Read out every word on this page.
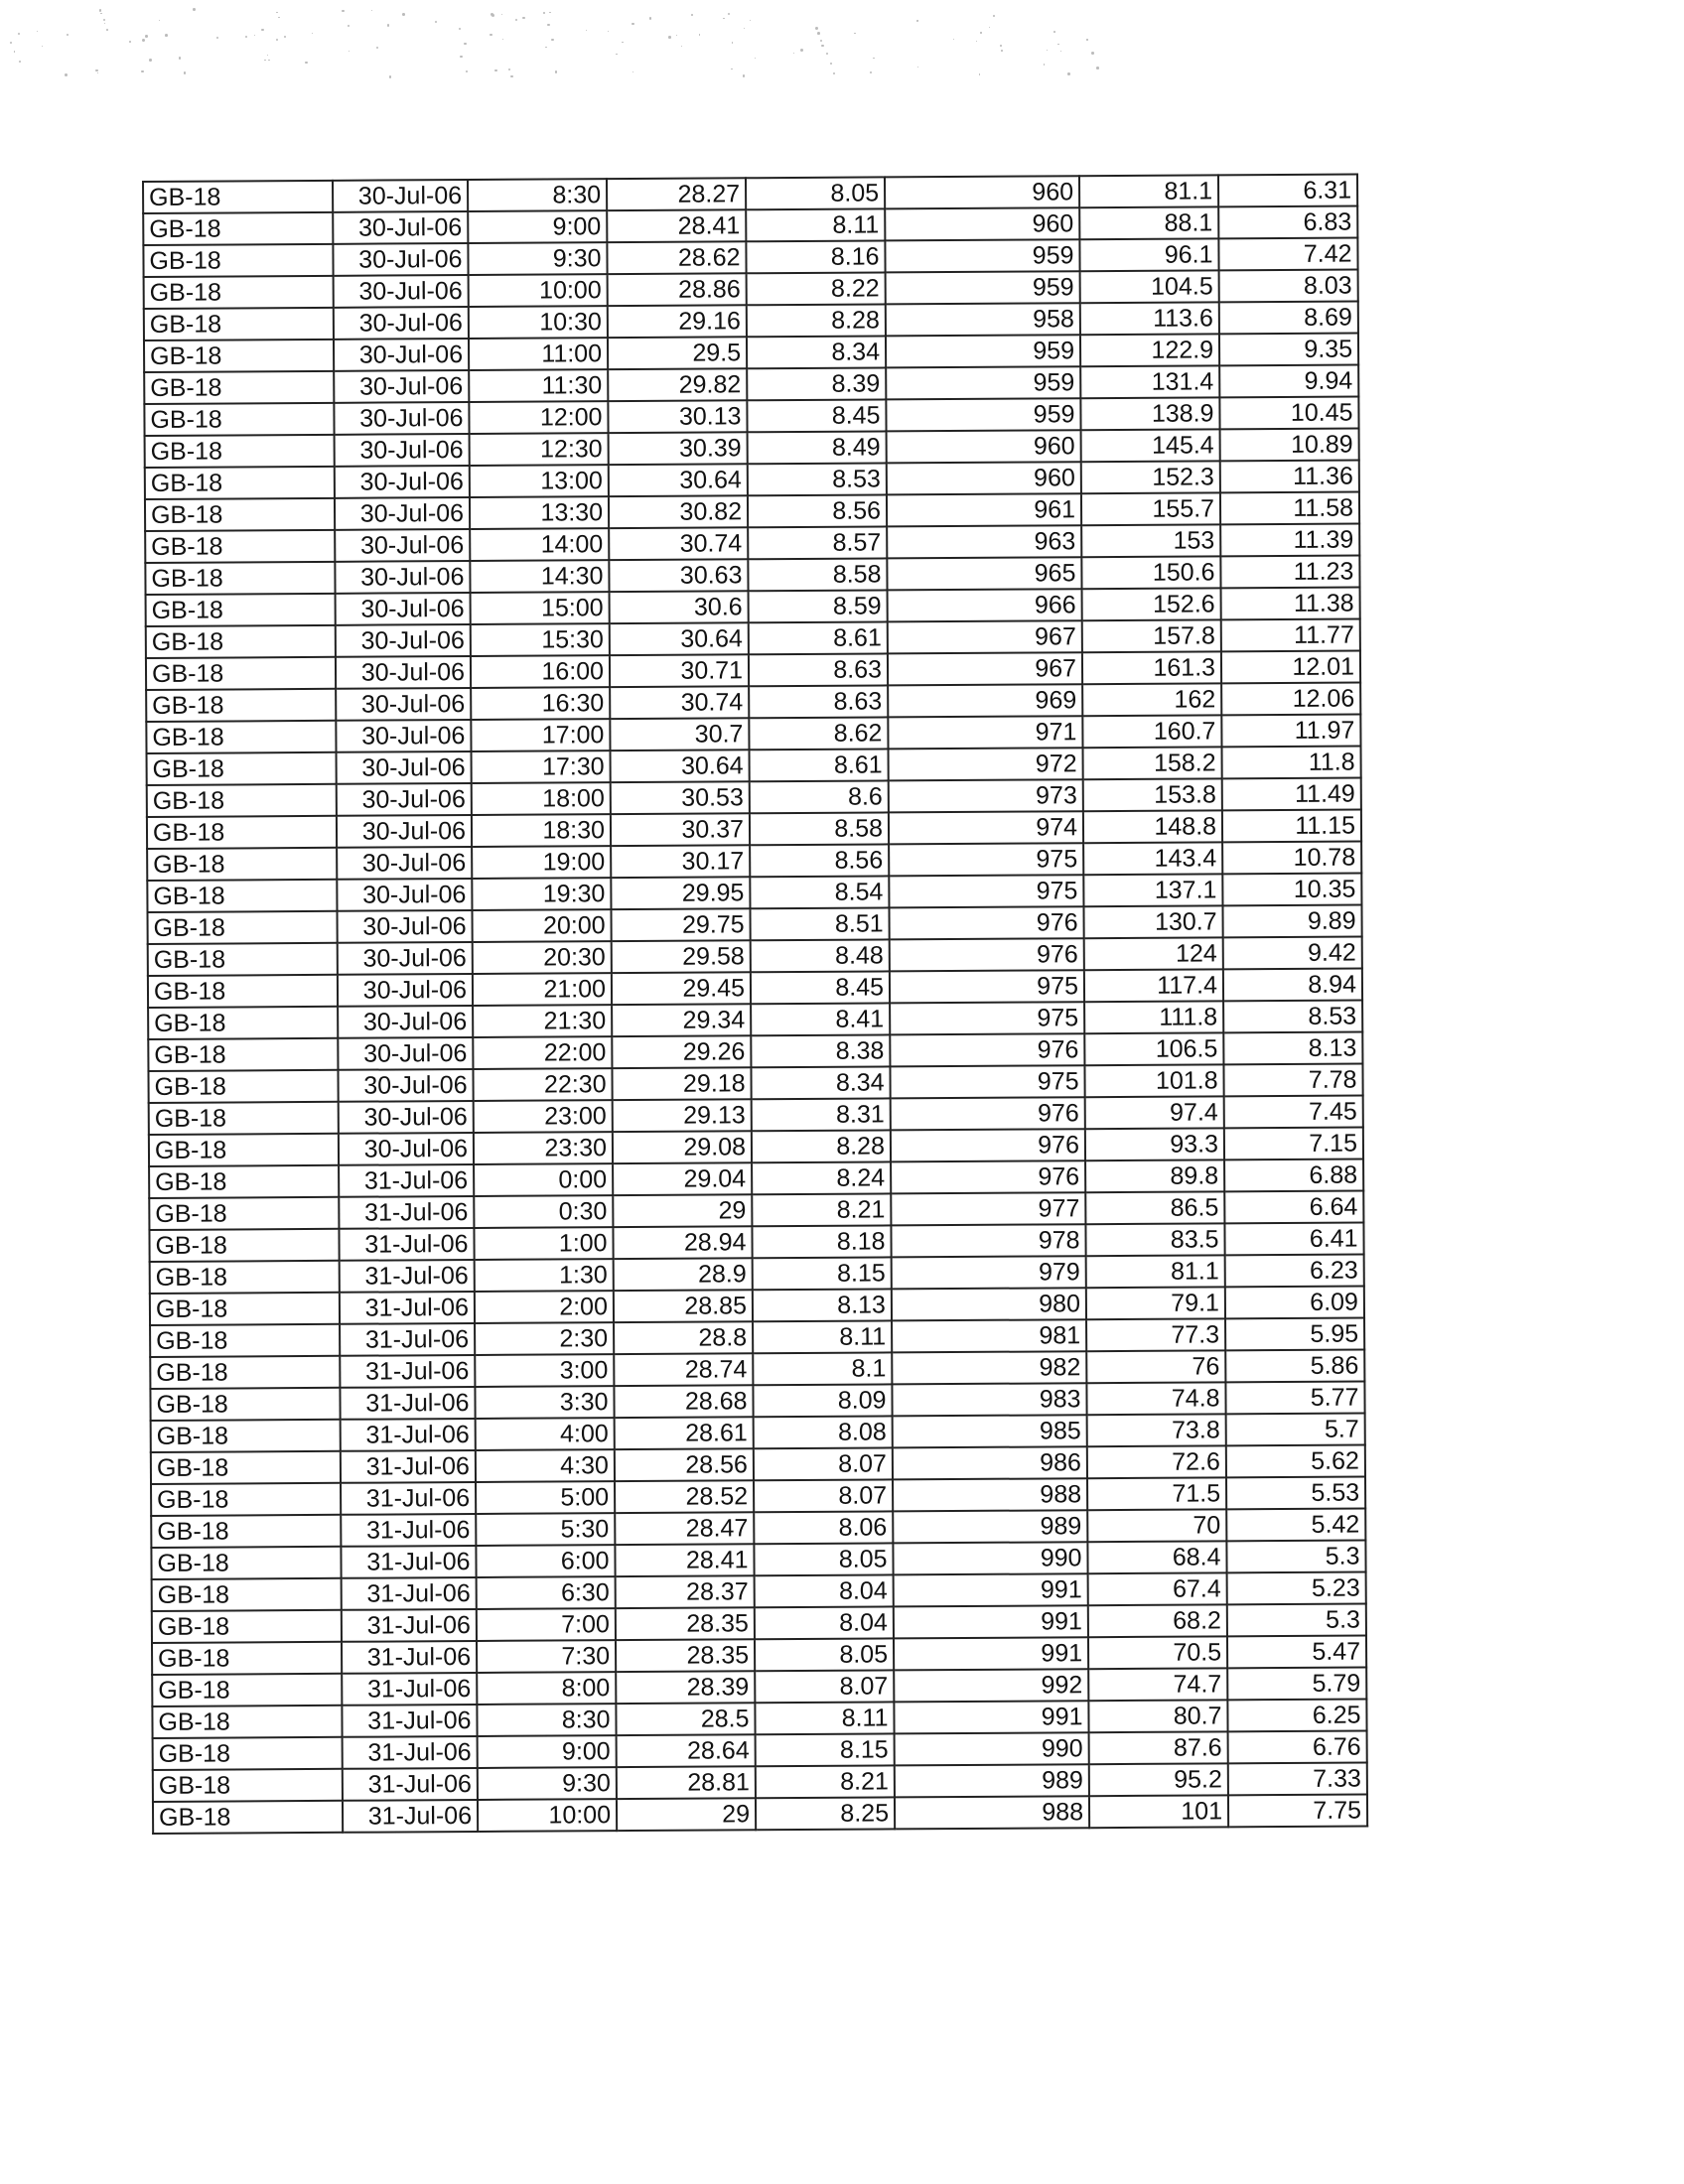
GB-18	30-Jul-06	8:30	28.27	8.05	960	81.1	6.31
GB-18	30-Jul-06	9:00	28.41	8.11	960	88.1	6.83
GB-18	30-Jul-06	9:30	28.62	8.16	959	96.1	7.42
GB-18	30-Jul-06	10:00	28.86	8.22	959	104.5	8.03
GB-18	30-Jul-06	10:30	29.16	8.28	958	113.6	8.69
GB-18	30-Jul-06	11:00	29.5	8.34	959	122.9	9.35
GB-18	30-Jul-06	11:30	29.82	8.39	959	131.4	9.94
GB-18	30-Jul-06	12:00	30.13	8.45	959	138.9	10.45
GB-18	30-Jul-06	12:30	30.39	8.49	960	145.4	10.89
GB-18	30-Jul-06	13:00	30.64	8.53	960	152.3	11.36
GB-18	30-Jul-06	13:30	30.82	8.56	961	155.7	11.58
GB-18	30-Jul-06	14:00	30.74	8.57	963	153	11.39
GB-18	30-Jul-06	14:30	30.63	8.58	965	150.6	11.23
GB-18	30-Jul-06	15:00	30.6	8.59	966	152.6	11.38
GB-18	30-Jul-06	15:30	30.64	8.61	967	157.8	11.77
GB-18	30-Jul-06	16:00	30.71	8.63	967	161.3	12.01
GB-18	30-Jul-06	16:30	30.74	8.63	969	162	12.06
GB-18	30-Jul-06	17:00	30.7	8.62	971	160.7	11.97
GB-18	30-Jul-06	17:30	30.64	8.61	972	158.2	11.8
GB-18	30-Jul-06	18:00	30.53	8.6	973	153.8	11.49
GB-18	30-Jul-06	18:30	30.37	8.58	974	148.8	11.15
GB-18	30-Jul-06	19:00	30.17	8.56	975	143.4	10.78
GB-18	30-Jul-06	19:30	29.95	8.54	975	137.1	10.35
GB-18	30-Jul-06	20:00	29.75	8.51	976	130.7	9.89
GB-18	30-Jul-06	20:30	29.58	8.48	976	124	9.42
GB-18	30-Jul-06	21:00	29.45	8.45	975	117.4	8.94
GB-18	30-Jul-06	21:30	29.34	8.41	975	111.8	8.53
GB-18	30-Jul-06	22:00	29.26	8.38	976	106.5	8.13
GB-18	30-Jul-06	22:30	29.18	8.34	975	101.8	7.78
GB-18	30-Jul-06	23:00	29.13	8.31	976	97.4	7.45
GB-18	30-Jul-06	23:30	29.08	8.28	976	93.3	7.15
GB-18	31-Jul-06	0:00	29.04	8.24	976	89.8	6.88
GB-18	31-Jul-06	0:30	29	8.21	977	86.5	6.64
GB-18	31-Jul-06	1:00	28.94	8.18	978	83.5	6.41
GB-18	31-Jul-06	1:30	28.9	8.15	979	81.1	6.23
GB-18	31-Jul-06	2:00	28.85	8.13	980	79.1	6.09
GB-18	31-Jul-06	2:30	28.8	8.11	981	77.3	5.95
GB-18	31-Jul-06	3:00	28.74	8.1	982	76	5.86
GB-18	31-Jul-06	3:30	28.68	8.09	983	74.8	5.77
GB-18	31-Jul-06	4:00	28.61	8.08	985	73.8	5.7
GB-18	31-Jul-06	4:30	28.56	8.07	986	72.6	5.62
GB-18	31-Jul-06	5:00	28.52	8.07	988	71.5	5.53
GB-18	31-Jul-06	5:30	28.47	8.06	989	70	5.42
GB-18	31-Jul-06	6:00	28.41	8.05	990	68.4	5.3
GB-18	31-Jul-06	6:30	28.37	8.04	991	67.4	5.23
GB-18	31-Jul-06	7:00	28.35	8.04	991	68.2	5.3
GB-18	31-Jul-06	7:30	28.35	8.05	991	70.5	5.47
GB-18	31-Jul-06	8:00	28.39	8.07	992	74.7	5.79
GB-18	31-Jul-06	8:30	28.5	8.11	991	80.7	6.25
GB-18	31-Jul-06	9:00	28.64	8.15	990	87.6	6.76
GB-18	31-Jul-06	9:30	28.81	8.21	989	95.2	7.33
GB-18	31-Jul-06	10:00	29	8.25	988	101	7.75
